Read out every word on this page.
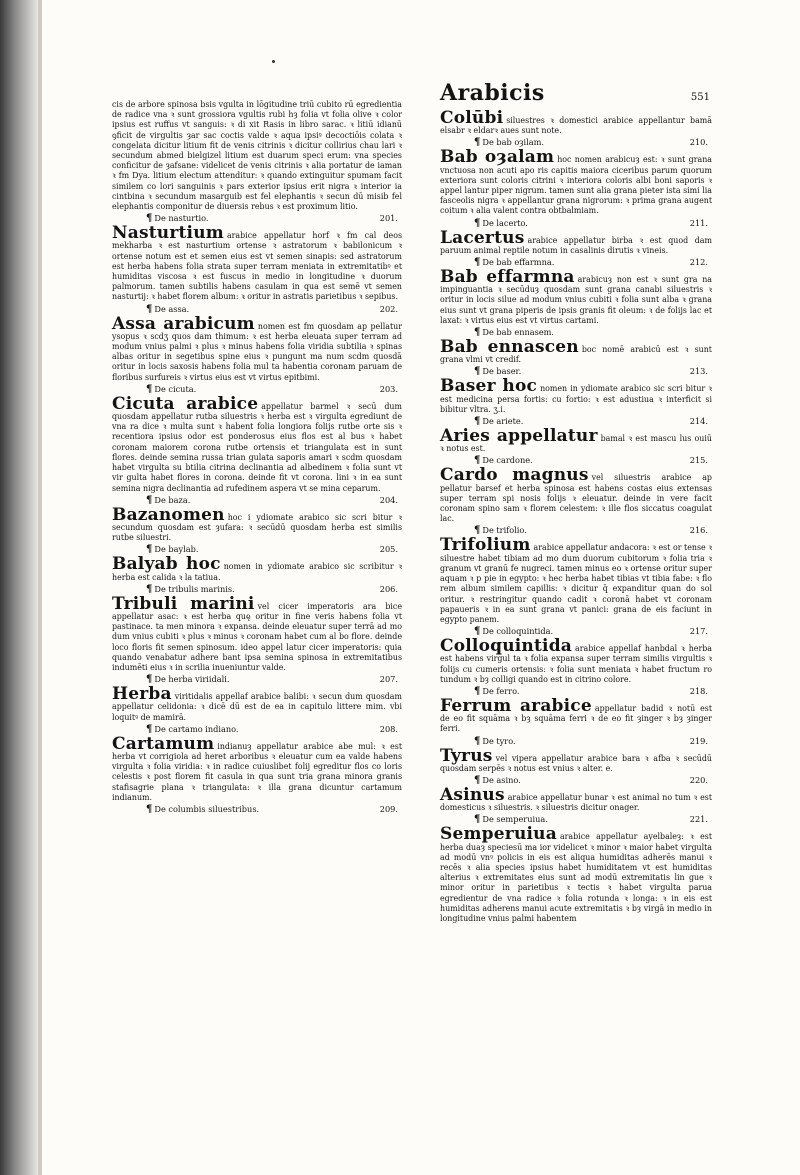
cis de arbore spinosa bsis vgulta in lōgitudine triū cubito rū egredientia de radice vna ꝛ sunt grossiora vgultis rubi hȝ folia vt folia olive ꝛ color ipsius est ruffus vt sanguis: ꝛ di xit Rasis in libro sarac. ꝛ litiū idianū ꝯficit de virgultis ȝar sac coctis valde ꝛ aqua ipsiꝰ decoctiōis colata ꝛ congelata dicitur litium fit de venis citrinis ꝛ dicitur collirius chau lari ꝛ secundum abmed bielgizel litium est duarum speci erum: vna species conficitur de ȝafsane: videlicet de venis citrinis ꝛ alia portatur de iaman ꝛ fm Dya. litium electum attenditur: ꝛ quando extinguitur spumam facit similem co lori sanguinis ꝛ pars exterior ipsius erit nigra ꝛ interior ia cintbina ꝛ secundum masarguib est fel elephantis ꝛ secun dū misib fel elephantis componitur de diuersis rebus ꝛ est proximum litio.

¶ De nasturtio.	201.

Nasturtium arabice appellatur horf ꝛ fm cal deos mekharba ꝛ est nasturtium ortense ꝛ astratorum ꝛ babilonicum ꝛ ortense notum est et semen eius est vt semen sinapis: sed astratorum est herba habens folia strata super terram meniata in extremitatibꝰ et humiditas viscosa ꝛ est fuscus in medio in longitudine ꝛ duorum palmorum. tamen subtilis habens casulam in qua est semē vt semen nasturtij: ꝛ habet florem album: ꝛ oritur in astratis parietibus ꝛ sepibus.

¶ De assa.	202.

Assa arabicum nomen est fm quosdam ap pellatur ysopus ꝛ scdʒ quos dam thimum: ꝛ est herba eleuata super terram ad modum vnius palmi ꝛ plus ꝛ minus habens folia viridia subtilia ꝛ spinas albas oritur in segetibus spine eius ꝛ pungunt ma num scdm quosdā oritur in locis saxosis habens folia mul ta habentia coronam paruam de floribus surfureis ꝛ virtus eius est vt virtus epitbimi.

¶ De cicuta.	203.

Cicuta arabice appellatur barmel ꝛ secū dum quosdam appellatur rutba siluestris ꝛ herba est ꝛ virgulta egrediunt de vna ra dice ꝛ multa sunt ꝛ habent folia longiora folijs rutbe orte sis ꝛ recentiora ipsius odor est ponderosus eius flos est al bus ꝛ habet coronam maiorem corona rutbe ortensis et triangulata est in sunt flores. deinde semina russa trian gulata saporis amari ꝛ scdm quosdam habet virgulta su btilia citrina declinantia ad albedinem ꝛ folia sunt vt vir gulta habet flores in corona. deinde fit vt corona. lini ꝛ in ea sunt semina nigra declinantia ad rufedinem aspera vt se mina ceparum.

¶ De baza.	204.

Bazanomen hoc i ydiomate arabico sic scri bitur ꝛ secundum quosdam est ȝufara: ꝛ secūdū quosdam herba est similis rutbe siluestri.

¶ De baylab.	205.

Balyab hoc nomen in ydiomate arabico sic scribitur ꝛ herba est calida ꝛ la tatiua.

¶ De tribulis marinis.	206.

Tribuli marini vel cicer imperatoris ara bice appellatur asac: ꝛ est herba quę oritur in fine veris habens folia vt pastinace. ta men minora ꝛ expansa. deinde eleuatur super terrā ad mo dum vnius cubiti ꝛ plus ꝛ minus ꝛ coronam habet cum al bo flore. deinde loco floris fit semen spinosum. ideo appel latur cicer imperatoris: quia quando venabatur adhere bant ipsa semina spinosa in extremitatibus indumēti eius ꝛ in scrilia inueniuntur valde.

¶ De herba viriidali.	207.

Herba viritidalis appellaf arabice balibi: ꝛ secun dum quosdam appellatur celidonia: ꝛ dicē dū est de ea in capitulo littere mim. vbi loquitꝰ de mamirā.

¶ De cartamo indiano.	208.

Cartamum indianuȝ appellatur arabice abe mul: ꝛ est herba vt corrigiola ad heret arboribus ꝛ eleuatur cum ea valde habens virgulta ꝛ folia viridia: ꝛ in radice cuiuslibet folij egreditur flos co loris celestis ꝛ post florem fit casula in qua sunt tria grana minora granis stafisagrie plana ꝛ triangulata: ꝛ illa grana dicuntur cartamum indianum.

¶ De columbis siluestribus.	209.
Arabicis	551

Colūbi siluestres ꝛ domestici arabice appellantur bamā elsabr ꝛ eldarꝛ aues sunt note.

¶ De bab oȝilam.	210.

Bab oȝalam hoc nomen arabicuȝ est: ꝛ sunt grana vnctuosa non acuti apo ris capitis maiora ciceribus parum quorum exteriora sunt coloris citrini ꝛ interiora coloris albi boni saporis ꝛ appel lantur piper nigrum. tamen sunt alia grana pieter ista simi lia fasceolis nigra ꝛ appellantur grana nigrorum: ꝛ prima grana augent coitum ꝛ alia valent contra obtbalmiam.

¶ De lacerto.	211.

Lacertus arabice appellatur birba ꝛ est quod dam paruum animal reptile notum in casalinis dirutis ꝛ vineis.

¶ De bab effarmna.	212.

Bab effarmna arabicuȝ non est ꝛ sunt gra na impinguantia ꝛ secūduȝ quosdam sunt grana canabi siluestris ꝛ oritur in locis silue ad modum vnius cubiti ꝛ folia sunt alba ꝛ grana eius sunt vt grana piperis de ipsis granis fit oleum: ꝛ de folijs lac et laxat: ꝛ virtus eius est vt virtus cartami.

¶ De bab ennasem.

Bab ennascen boc nomē arabicū est ꝛ sunt grana vlmi vt credif.

¶ De baser.	213.

Baser hoc nomen in ydiomate arabico sic scri bitur ꝛ est medicina persa fortis: cu fortio: ꝛ est adustiua ꝛ interficit si bibitur vltra. ʒ.i.

¶ De ariete.	214.

Aries appellatur bamal ꝛ est mascu lus ouiū ꝛ notus est.

¶ De cardone.	215.

Cardo magnus vel siluestris arabice ap pellatur barsef et herba spinosa est habens costas eius extensas super terram spi nosis folijs ꝛ eleuatur. deinde in vere facit coronam spino sam ꝛ florem celestem: ꝛ ille flos siccatus coagulat lac.

¶ De trifolio.	216.

Trifolium arabice appellatur andacora: ꝛ est or tense ꝛ siluestre habet tibiam ad mo dum duorum cubitorum ꝛ folia tria ꝛ granum vt granū fe nugreci. tamen minus eo ꝛ ortense oritur super aquam ꝛ p pie in egypto: ꝛ hec herba habet tibias vt tibia fabe: ꝛ flo rem album similem capillis: ꝛ dicitur q̄ expanditur quan do sol oritur. ꝛ restringitur quando cadit ꝛ coronā habet vt coronam papaueris ꝛ in ea sunt grana vt panici: grana de eis faciunt in egypto panem.

¶ De colloquintida.	217.

Colloquintida arabice appellaf hanbdal ꝛ herba est habens virgul ta ꝛ folia expansa super terram similis virgultis ꝛ folijs cu cumeris ortensis: ꝛ folia sunt meniata ꝛ habet fructum ro tundum ꝛ bȝ colligi quando est in citrino colore.

¶ De ferro.	218.

Ferrum arabice appellatur badid ꝛ notū est de eo fit squāma ꝛ bȝ squāma ferri ꝛ de eo fit ȝinger ꝛ bȝ ȝinger ferri.

¶ De tyro.	219.

Tyrus vel vipera appellatur arabice bara ꝛ afba ꝛ secūdū quosdam serpēs ꝛ notus est vnius ꝛ alter. e.

¶ De asino.	220.

Asinus arabice appellatur bunar ꝛ est animal no tum ꝛ est domesticus ꝛ siluestris. ꝛ siluestris dicitur onager.

¶ De semperuiua.	221.

Semperuiua arabice appellatur ayelbaleȝ: ꝛ est herba duaȝ speciesū ma ior videlicet ꝛ minor ꝛ maior habet virgulta ad modū vnꝰ policis in eis est aliqua humiditas adherēs manui ꝛ recēs ꝛ alia species ipsius habet humiditatem vt est humiditas alterius ꝛ extremitates eius sunt ad modū extremitatis lin gue ꝛ minor oritur in parietibus ꝛ tectis ꝛ habet virgulta parua egredientur de vna radice ꝛ folia rotunda ꝛ longa: ꝛ in eis est humiditas adherens manui acute extremitatis ꝛ bȝ virgā in medio in longitudine vnius palmi habentem
